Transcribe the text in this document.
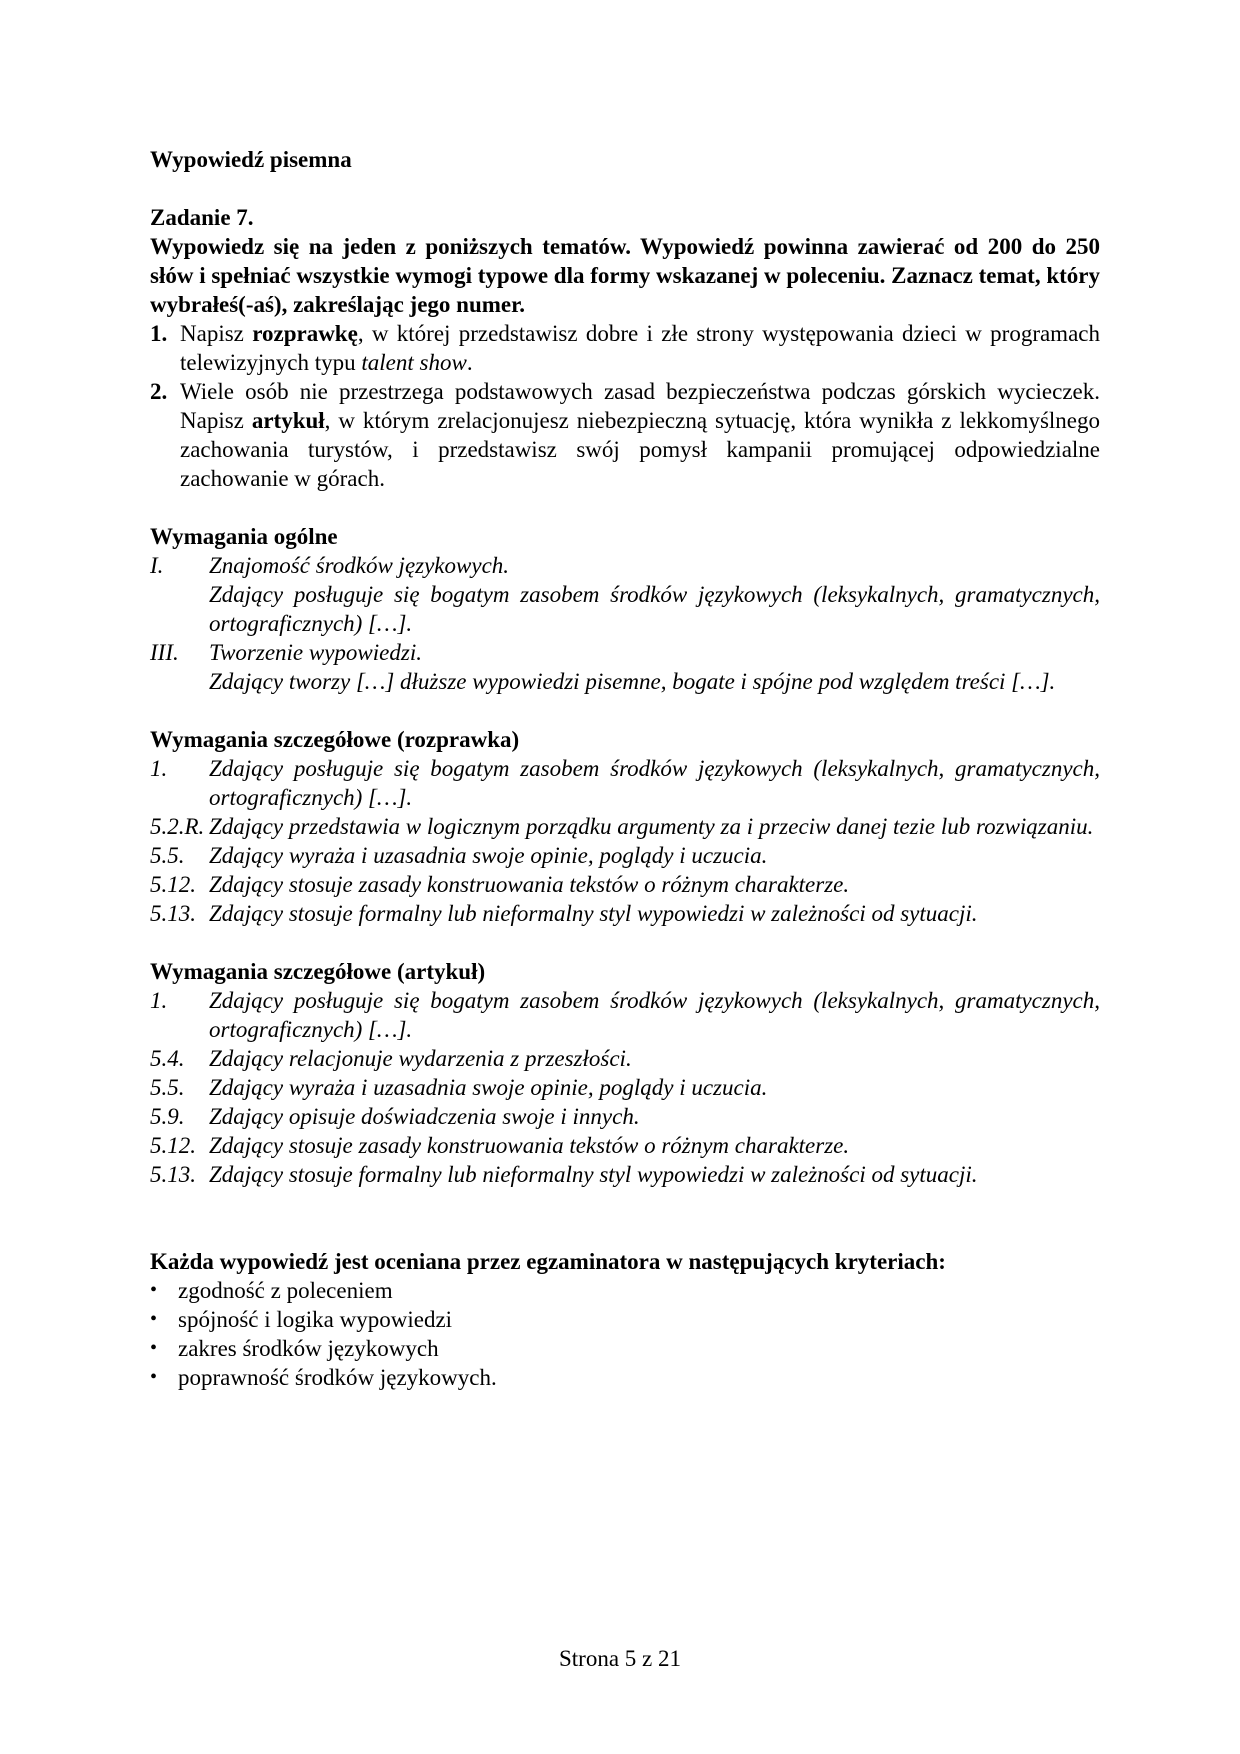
Wypowiedź pisemna

Zadanie 7.

Wypowiedz się na jeden z poniższych tematów. Wypowiedź powinna zawierać od 200 do 250 słów i spełniać wszystkie wymogi typowe dla formy wskazanej w poleceniu. Zaznacz temat, który wybrałeś(-aś), zakreślając jego numer.

1. Napisz rozprawkę, w której przedstawisz dobre i złe strony występowania dzieci w programach telewizyjnych typu talent show.
2. Wiele osób nie przestrzega podstawowych zasad bezpieczeństwa podczas górskich wycieczek. Napisz artykuł, w którym zrelacjonujesz niebezpieczną sytuację, która wynikła z lekkomyślnego zachowania turystów, i przedstawisz swój pomysł kampanii promującej odpowiedzialne zachowanie w górach.

Wymagania ogólne

I.	Znajomość środków językowych.
Zdający posługuje się bogatym zasobem środków językowych (leksykalnych, gramatycznych, ortograficznych) […].
III.	Tworzenie wypowiedzi.
Zdający tworzy […] dłuższe wypowiedzi pisemne, bogate i spójne pod względem treści […].

Wymagania szczegółowe (rozprawka)

1.	Zdający posługuje się bogatym zasobem środków językowych (leksykalnych, gramatycznych, ortograficznych) […].
5.2.R. Zdający przedstawia w logicznym porządku argumenty za i przeciw danej tezie lub rozwiązaniu.
5.5.	Zdający wyraża i uzasadnia swoje opinie, poglądy i uczucia.
5.12. Zdający stosuje zasady konstruowania tekstów o różnym charakterze.
5.13. Zdający stosuje formalny lub nieformalny styl wypowiedzi w zależności od sytuacji.

Wymagania szczegółowe (artykuł)

1.	Zdający posługuje się bogatym zasobem środków językowych (leksykalnych, gramatycznych, ortograficznych) […].
5.4.	Zdający relacjonuje wydarzenia z przeszłości.
5.5.	Zdający wyraża i uzasadnia swoje opinie, poglądy i uczucia.
5.9.	Zdający opisuje doświadczenia swoje i innych.
5.12. Zdający stosuje zasady konstruowania tekstów o różnym charakterze.
5.13. Zdający stosuje formalny lub nieformalny styl wypowiedzi w zależności od sytuacji.

Każda wypowiedź jest oceniana przez egzaminatora w następujących kryteriach:

• zgodność z poleceniem
• spójność i logika wypowiedzi
• zakres środków językowych
• poprawność środków językowych.
Strona 5 z 21
